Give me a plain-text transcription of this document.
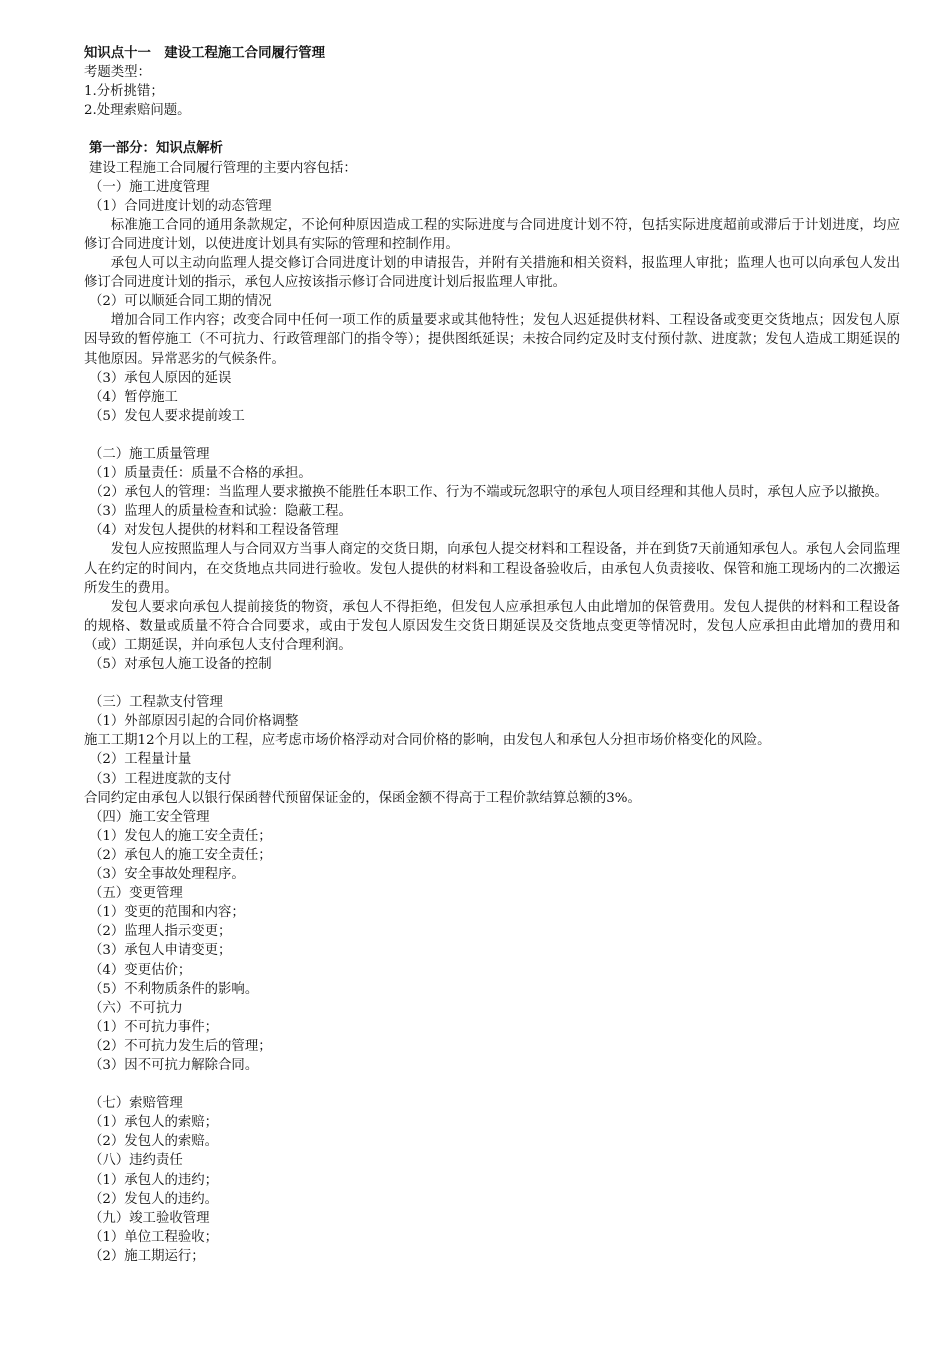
知识点十一　建设工程施工合同履行管理
考题类型：
1.分析挑错；
2.处理索赔问题。
第一部分：知识点解析
建设工程施工合同履行管理的主要内容包括：
（一）施工进度管理
（1）合同进度计划的动态管理
标准施工合同的通用条款规定，不论何种原因造成工程的实际进度与合同进度计划不符，包括实际进度超前或滞后于计划进度，均应修订合同进度计划，以使进度计划具有实际的管理和控制作用。
承包人可以主动向监理人提交修订合同进度计划的申请报告，并附有关措施和相关资料，报监理人审批；监理人也可以向承包人发出修订合同进度计划的指示，承包人应按该指示修订合同进度计划后报监理人审批。
（2）可以顺延合同工期的情况
增加合同工作内容；改变合同中任何一项工作的质量要求或其他特性；发包人迟延提供材料、工程设备或变更交货地点；因发包人原因导致的暂停施工（不可抗力、行政管理部门的指令等）；提供图纸延误；未按合同约定及时支付预付款、进度款；发包人造成工期延误的其他原因。异常恶劣的气候条件。
（3）承包人原因的延误
（4）暂停施工
（5）发包人要求提前竣工
（二）施工质量管理
（1）质量责任：质量不合格的承担。
（2）承包人的管理：当监理人要求撤换不能胜任本职工作、行为不端或玩忽职守的承包人项目经理和其他人员时，承包人应予以撤换。
（3）监理人的质量检查和试验：隐蔽工程。
（4）对发包人提供的材料和工程设备管理
发包人应按照监理人与合同双方当事人商定的交货日期，向承包人提交材料和工程设备，并在到货7天前通知承包人。承包人会同监理人在约定的时间内，在交货地点共同进行验收。发包人提供的材料和工程设备验收后，由承包人负责接收、保管和施工现场内的二次搬运所发生的费用。
发包人要求向承包人提前接货的物资，承包人不得拒绝，但发包人应承担承包人由此增加的保管费用。发包人提供的材料和工程设备的规格、数量或质量不符合合同要求，或由于发包人原因发生交货日期延误及交货地点变更等情况时，发包人应承担由此增加的费用和（或）工期延误，并向承包人支付合理利润。
（5）对承包人施工设备的控制
（三）工程款支付管理
（1）外部原因引起的合同价格调整
施工工期12个月以上的工程，应考虑市场价格浮动对合同价格的影响，由发包人和承包人分担市场价格变化的风险。
（2）工程量计量
（3）工程进度款的支付
合同约定由承包人以银行保函替代预留保证金的，保函金额不得高于工程价款结算总额的3%。
（四）施工安全管理
（1）发包人的施工安全责任；
（2）承包人的施工安全责任；
（3）安全事故处理程序。
（五）变更管理
（1）变更的范围和内容；
（2）监理人指示变更；
（3）承包人申请变更；
（4）变更估价；
（5）不利物质条件的影响。
（六）不可抗力
（1）不可抗力事件；
（2）不可抗力发生后的管理；
（3）因不可抗力解除合同。
（七）索赔管理
（1）承包人的索赔；
（2）发包人的索赔。
（八）违约责任
（1）承包人的违约；
（2）发包人的违约。
（九）竣工验收管理
（1）单位工程验收；
（2）施工期运行；
